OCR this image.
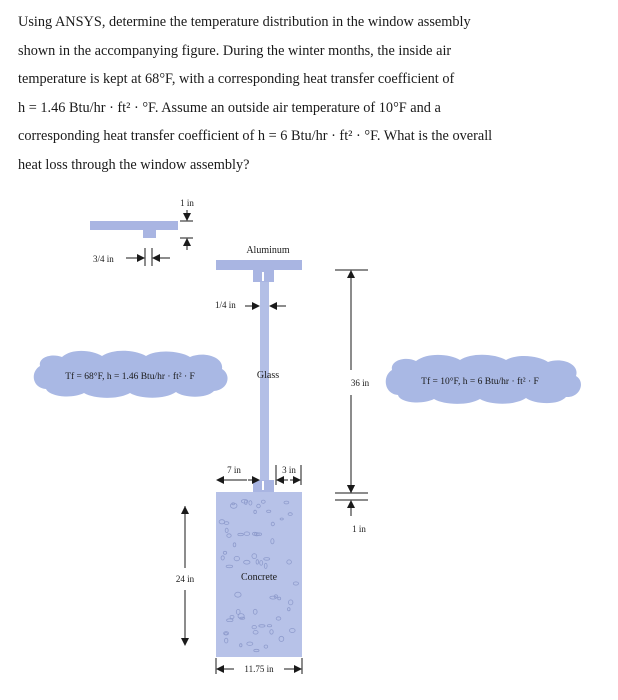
Using ANSYS, determine the temperature distribution in the window assembly
shown in the accompanying figure. During the winter months, the inside air
temperature is kept at 68°F, with a corresponding heat transfer coefficient of
h = 1.46 Btu/hr · ft² · °F. Assume an outside air temperature of 10°F and a
corresponding heat transfer coefficient of h = 6 Btu/hr · ft² · °F. What is the overall
heat loss through the window assembly?
1 in
3/4 in
Aluminum
Glass
1/4 in
7 in	3 in
Concrete
24 in
11.75 in
36 in
1 in
Tf = 68°F, h = 1.46 Btu/hr · ft² · F	Tf = 10°F, h = 6 Btu/hr · ft² · F
